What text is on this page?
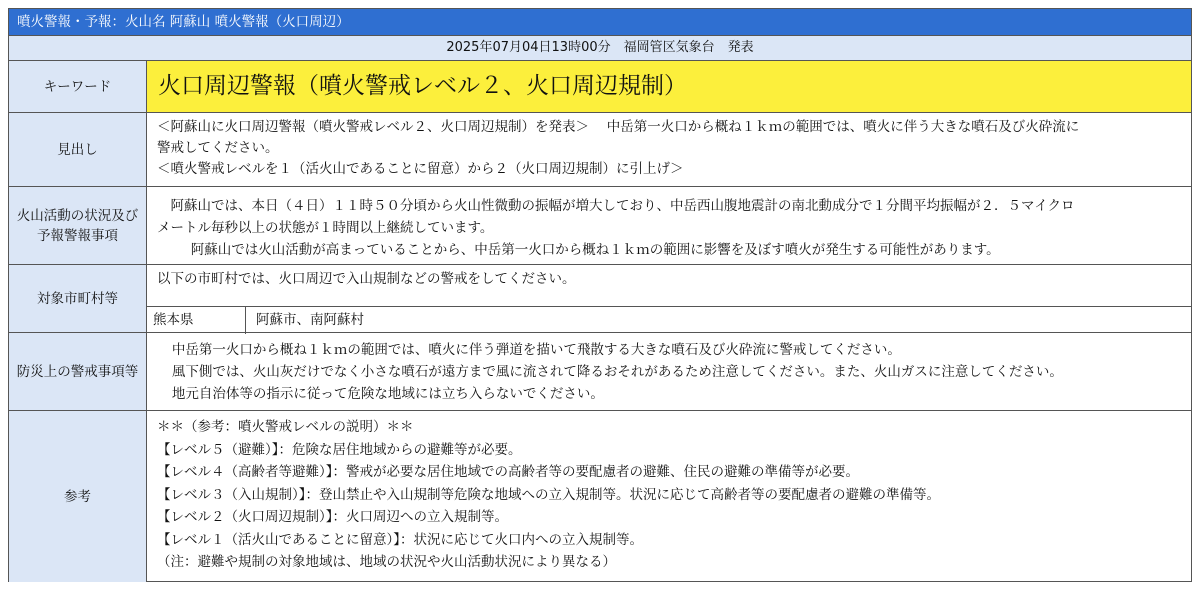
噴火警報・予報：火山名 阿蘇山 噴火警報（火口周辺）
2025年07月04日13時00分　福岡管区気象台　発表
キーワード	火口周辺警報（噴火警戒レベル２、火口周辺規制）
見出し

＜阿蘇山に火口周辺警報（噴火警戒レベル２、火口周辺規制）を発表＞　 中岳第一火口から概ね１ｋｍの範囲では、噴火に伴う大きな噴石及び火砕流に

警戒してください。

＜噴火警戒レベルを１（活火山であることに留意）から２（火口周辺規制）に引上げ＞

火山活動の状況及び
予報警報事項

阿蘇山では、本日（４日）１１時５０分頃から火山性微動の振幅が増大しており、中岳西山腹地震計の南北動成分で１分間平均振幅が２．５マイクロ

メートル毎秒以上の状態が１時間以上継続しています。

阿蘇山では火山活動が高まっていることから、中岳第一火口から概ね１ｋｍの範囲に影響を及ぼす噴火が発生する可能性があります。

対象市町村等
以下の市町村では、火口周辺で入山規制などの警戒をしてください。
熊本県	阿蘇市、南阿蘇村
防災上の警戒事項等

中岳第一火口から概ね１ｋｍの範囲では、噴火に伴う弾道を描いて飛散する大きな噴石及び火砕流に警戒してください。

風下側では、火山灰だけでなく小さな噴石が遠方まで風に流されて降るおそれがあるため注意してください。また、火山ガスに注意してください。

地元自治体等の指示に従って危険な地域には立ち入らないでください。

参考

＊＊（参考：噴火警戒レベルの説明）＊＊

【レベル５（避難）】：危険な居住地域からの避難等が必要。

【レベル４（高齢者等避難）】：警戒が必要な居住地域での高齢者等の要配慮者の避難、住民の避難の準備等が必要。

【レベル３（入山規制）】：登山禁止や入山規制等危険な地域への立入規制等。状況に応じて高齢者等の要配慮者の避難の準備等。

【レベル２（火口周辺規制）】：火口周辺への立入規制等。

【レベル１（活火山であることに留意）】：状況に応じて火口内への立入規制等。

（注：避難や規制の対象地域は、地域の状況や火山活動状況により異なる）
